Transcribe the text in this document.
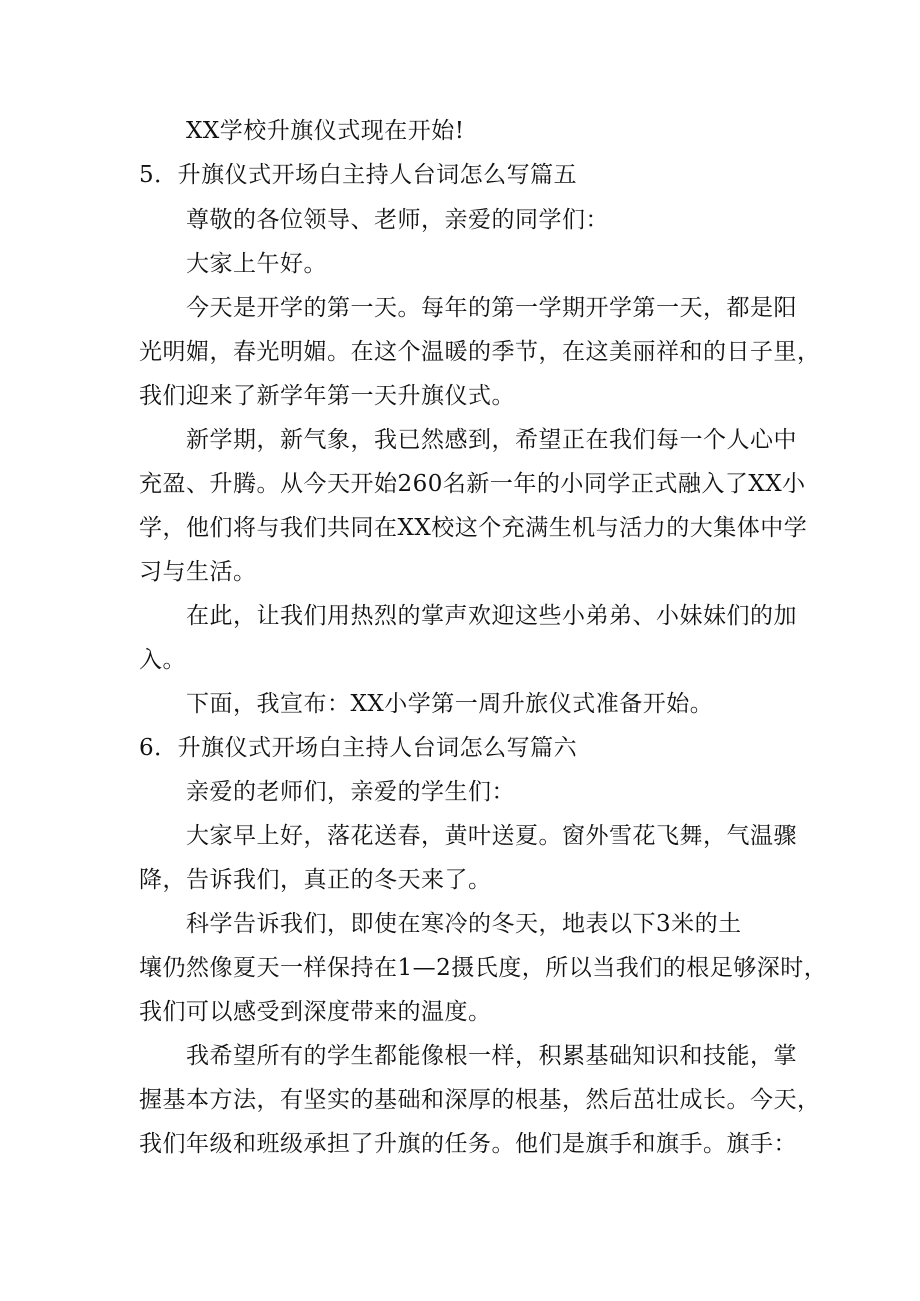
XX学校升旗仪式现在开始!
5．升旗仪式开场白主持人台词怎么写篇五
尊敬的各位领导、老师，亲爱的同学们：
大家上午好。
今天是开学的第一天。每年的第一学期开学第一天，都是阳
光明媚，春光明媚。在这个温暖的季节，在这美丽祥和的日子里，
我们迎来了新学年第一天升旗仪式。
新学期，新气象，我已然感到，希望正在我们每一个人心中
充盈、升腾。从今天开始260名新一年的小同学正式融入了XX小
学，他们将与我们共同在XX校这个充满生机与活力的大集体中学
习与生活。
在此，让我们用热烈的掌声欢迎这些小弟弟、小妹妹们的加
入。
下面，我宣布：XX小学第一周升旅仪式准备开始。
6．升旗仪式开场白主持人台词怎么写篇六
亲爱的老师们，亲爱的学生们：
大家早上好，落花送春，黄叶送夏。窗外雪花飞舞，气温骤
降，告诉我们，真正的冬天来了。
科学告诉我们，即使在寒冷的冬天，地表以下3米的土
壤仍然像夏天一样保持在1—2摄氏度，所以当我们的根足够深时，
我们可以感受到深度带来的温度。
我希望所有的学生都能像根一样，积累基础知识和技能，掌
握基本方法，有坚实的基础和深厚的根基，然后茁壮成长。今天，
我们年级和班级承担了升旗的任务。他们是旗手和旗手。旗手：
